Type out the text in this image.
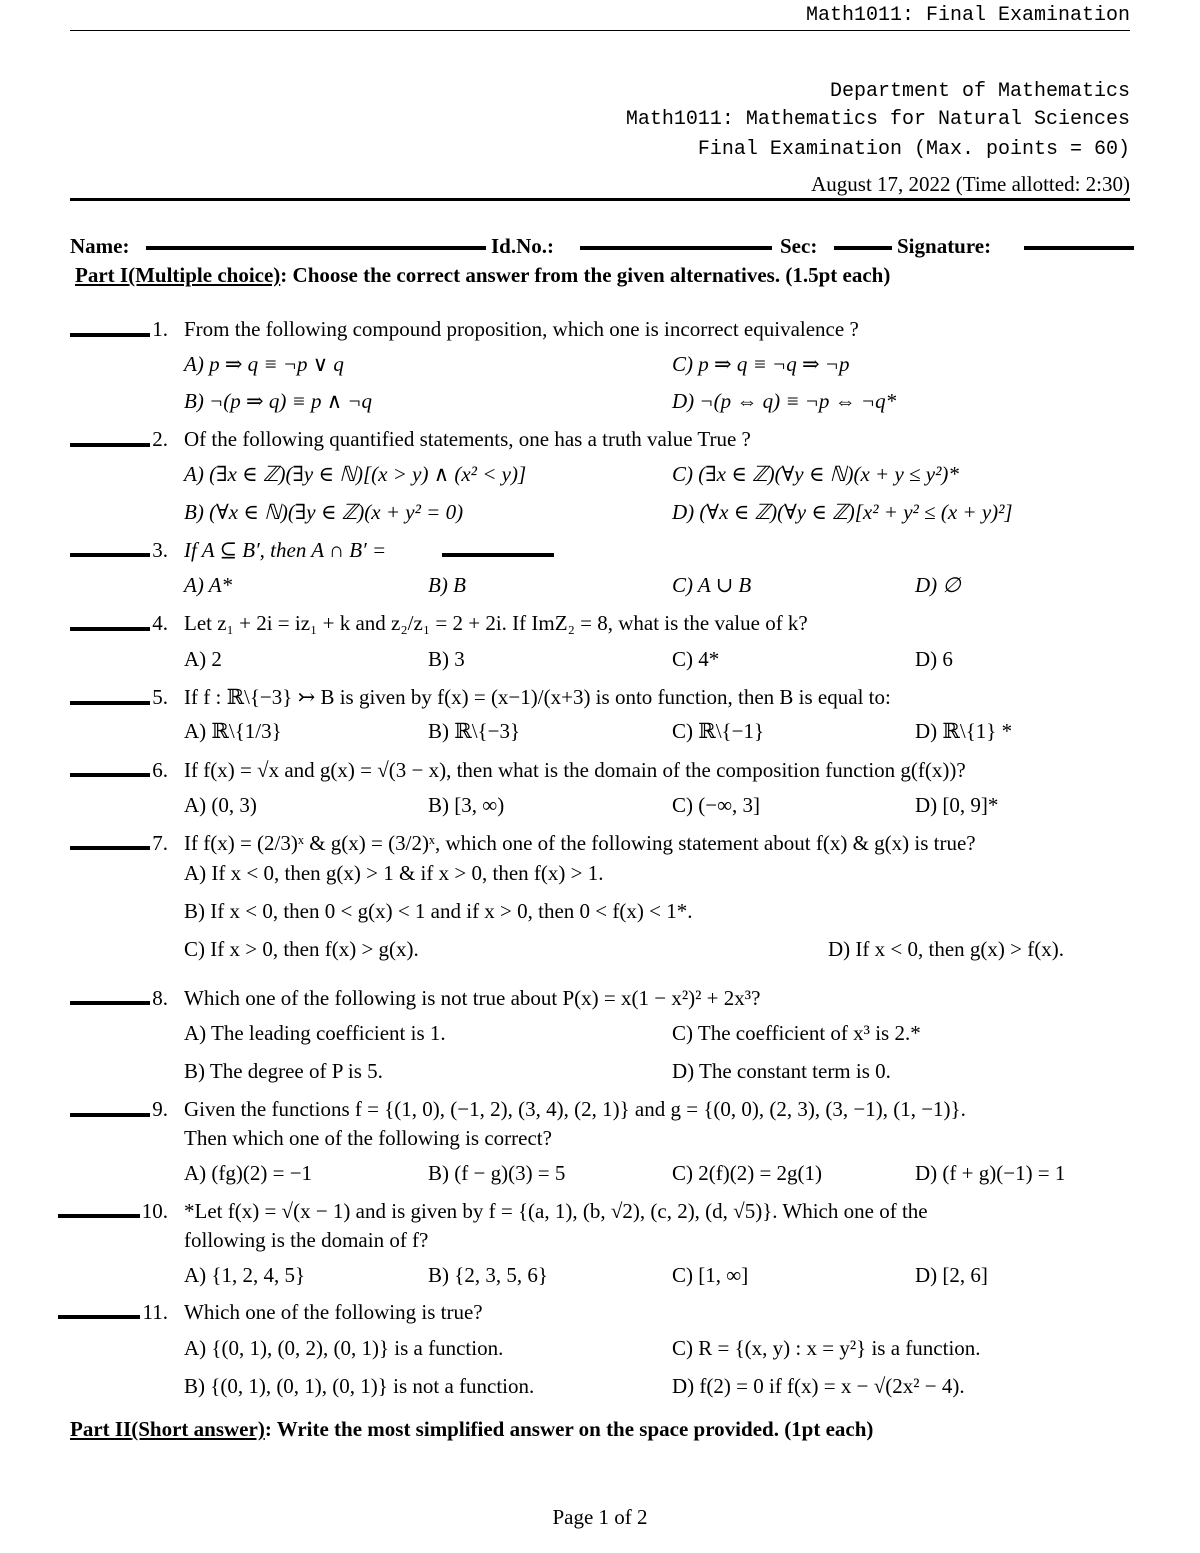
Math1011: Final Examination
Department of Mathematics
Math1011: Mathematics for Natural Sciences
Final Examination (Max. points = 60)
August 17, 2022 (Time allotted: 2:30)
Name:	Id.No.:	Sec:	Signature:
Part I(Multiple choice): Choose the correct answer from the given alternatives. (1.5pt each)
1. From the following compound proposition, which one is incorrect equivalence ?
A) p ⇒ q ≡ ¬p ∨ q	C) p ⇒ q ≡ ¬q ⇒ ¬p
B) ¬(p ⇒ q) ≡ p ∧ ¬q	D) ¬(p ⇔ q) ≡ ¬p ⇔ ¬q*
2. Of the following quantified statements, one has a truth value True ?
A) (∃x ∈ ℤ)(∃y ∈ ℕ)[(x > y) ∧ (x² < y)]	C) (∃x ∈ ℤ)(∀y ∈ ℕ)(x + y ≤ y²)*
B) (∀x ∈ ℕ)(∃y ∈ ℤ)(x + y² = 0)	D) (∀x ∈ ℤ)(∀y ∈ ℤ)[x² + y² ≤ (x + y)²]
3. If A ⊆ B′, then A ∩ B′ =
A) A*	B) B	C) A ∪ B	D) ∅
4. Let z₁ + 2i = iz₁ + k and z₂/z₁ = 2 + 2i. If ImZ₂ = 8, what is the value of k?
A) 2	B) 3	C) 4*	D) 6
5. If f : ℝ\{−3} ↣ B is given by f(x) = (x−1)/(x+3) is onto function, then B is equal to:
A) ℝ\{1/3}	B) ℝ\{−3}	C) ℝ\{−1}	D) ℝ\{1} *
6. If f(x) = √x and g(x) = √(3 − x), then what is the domain of the composition function g(f(x))?
A) (0, 3)	B) [3, ∞)	C) (−∞, 3]	D) [0, 9]*
7. If f(x) = (2/3)ˣ & g(x) = (3/2)ˣ, which one of the following statement about f(x) & g(x) is true?
A) If x < 0, then g(x) > 1 & if x > 0, then f(x) > 1.
B) If x < 0, then 0 < g(x) < 1 and if x > 0, then 0 < f(x) < 1*.
C) If x > 0, then f(x) > g(x).	D) If x < 0, then g(x) > f(x).
8. Which one of the following is not true about P(x) = x(1 − x²)² + 2x³?
A) The leading coefficient is 1.	C) The coefficient of x³ is 2.*
B) The degree of P is 5.	D) The constant term is 0.
9. Given the functions f = {(1, 0), (−1, 2), (3, 4), (2, 1)} and g = {(0, 0), (2, 3), (3, −1), (1, −1)}.
Then which one of the following is correct?
A) (fg)(2) = −1	B) (f − g)(3) = 5	C) 2(f)(2) = 2g(1)	D) (f + g)(−1) = 1
10. *Let f(x) = √(x − 1) and is given by f = {(a, 1), (b, √2), (c, 2), (d, √5)}. Which one of the
following is the domain of f?
A) {1, 2, 4, 5}	B) {2, 3, 5, 6}	C) [1, ∞]	D) [2, 6]
11. Which one of the following is true?
A) {(0, 1), (0, 2), (0, 1)} is a function.	C) R = {(x, y) : x = y²} is a function.
B) {(0, 1), (0, 1), (0, 1)} is not a function.	D) f(2) = 0 if f(x) = x − √(2x² − 4).
Part II(Short answer): Write the most simplified answer on the space provided. (1pt each)
Page 1 of 2
